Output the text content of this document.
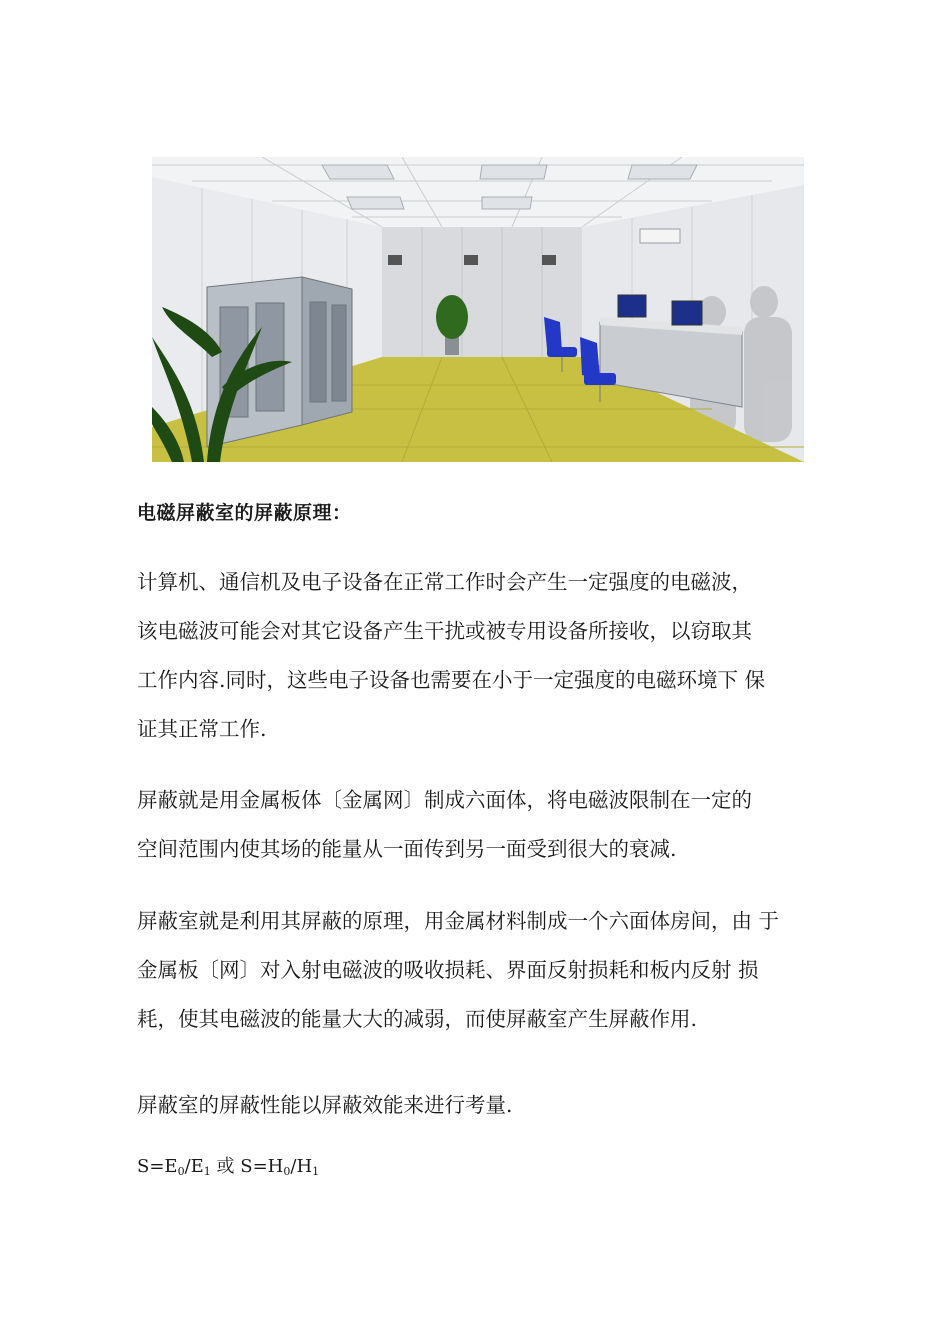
电磁屏蔽室的屏蔽原理：
计算机、通信机及电子设备在正常工作时会产生一定强度的电磁波，
该电磁波可能会对其它设备产生干扰或被专用设备所接收，以窃取其
工作内容.同时，这些电子设备也需要在小于一定强度的电磁环境下 保
证其正常工作.
屏蔽就是用金属板体〔金属网〕制成六面体，将电磁波限制在一定的
空间范围内使其场的能量从一面传到另一面受到很大的衰减.
屏蔽室就是利用其屏蔽的原理，用金属材料制成一个六面体房间，由 于
金属板〔网〕对入射电磁波的吸收损耗、界面反射损耗和板内反射 损
耗，使其电磁波的能量大大的减弱，而使屏蔽室产生屏蔽作用.
屏蔽室的屏蔽性能以屏蔽效能来进行考量.
$S=E_0/E_1$ 或 $S=H_0/H_1$
